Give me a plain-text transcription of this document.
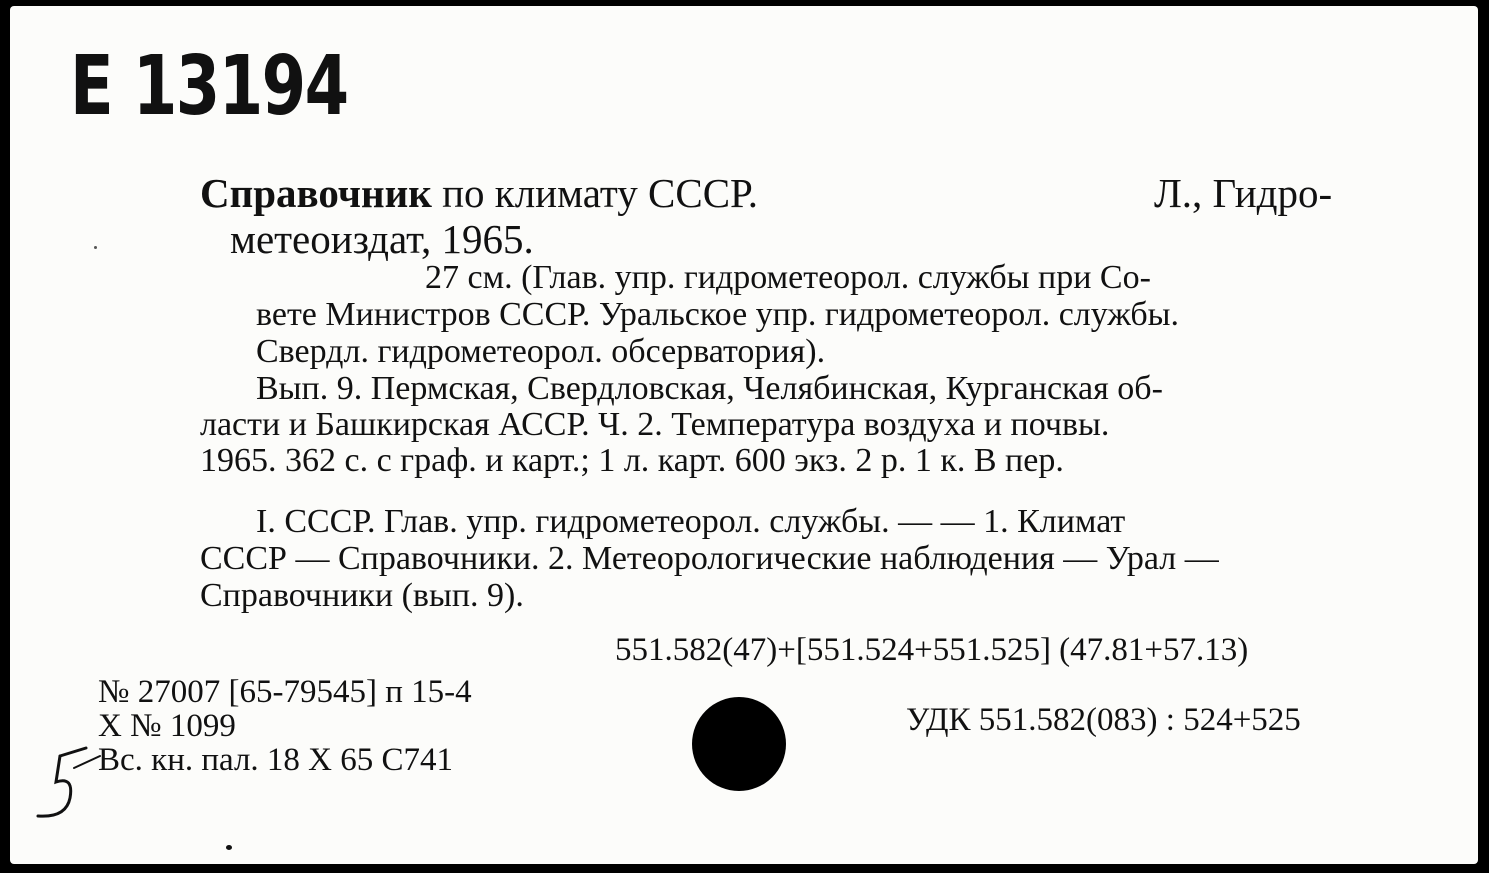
Е 13194
Справочник по климату СССР.	Л., Гидро-
метеоиздат, 1965.
27 см. (Глав. упр. гидрометеорол. службы при Со-
вете Министров СССР. Уральское упр. гидрометеорол. службы.
Свердл. гидрометеорол. обсерватория).
Вып. 9. Пермская, Свердловская, Челябинская, Курганская об-
ласти и Башкирская АССР. Ч. 2. Температура воздуха и почвы.
1965. 362 с. с граф. и карт.; 1 л. карт. 600 экз. 2 р. 1 к. В пер.
I. СССР. Глав. упр. гидрометеорол. службы. — — 1. Климат
СССР — Справочники. 2. Метеорологические наблюдения — Урал —
Справочники (вып. 9).
551.582(47)+[551.524+551.525] (47.81+57.13)
№ 27007 [65-79545] п 15-4
Х № 1099
Вс. кн. пал. 18 Х 65 С741
УДК 551.582(083) : 524+525
